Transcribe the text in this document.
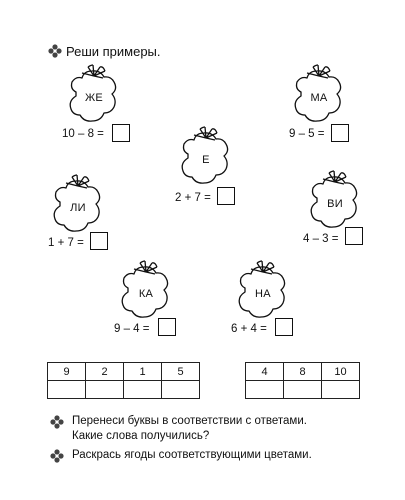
Реши примеры.
ЖЕ	МА
Е
ЛИ	ВИ
КА	НА
10 – 8 =	9 – 5 =
2 + 7 =
1 + 7 =	4 – 3 =
9 – 4 =	6 + 4 =
9	2	1	5
				4	8	10

Перенеси буквы в соответствии с ответами.
Какие слова получились?
Раскрась ягоды соответствующими цветами.
